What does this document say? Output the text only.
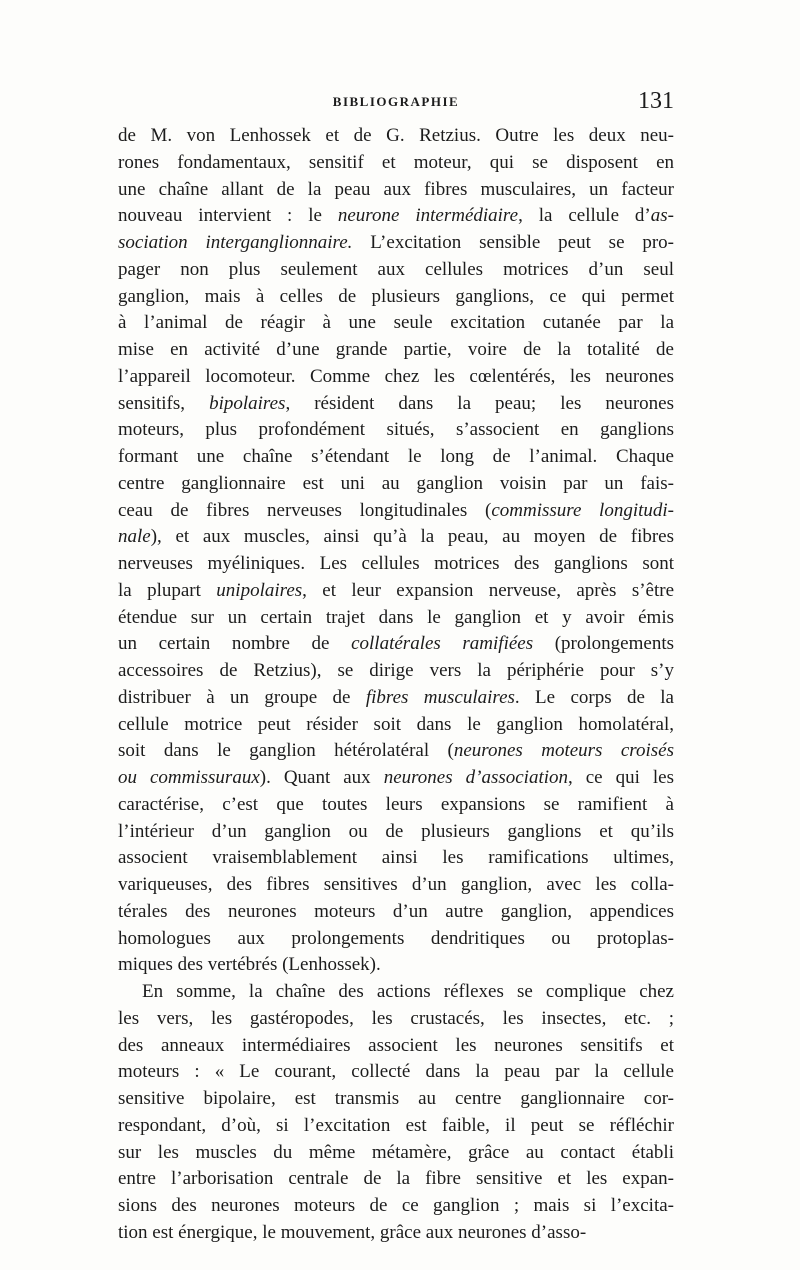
BIBLIOGRAPHIE	131
de M. von Lenhossek et de G. Retzius. Outre les deux neu-
rones fondamentaux, sensitif et moteur, qui se disposent en
une chaîne allant de la peau aux fibres musculaires, un facteur
nouveau intervient : le neurone intermédiaire, la cellule d’as-
sociation interganglionnaire. L’excitation sensible peut se pro-
pager non plus seulement aux cellules motrices d’un seul
ganglion, mais à celles de plusieurs ganglions, ce qui permet
à l’animal de réagir à une seule excitation cutanée par la
mise en activité d’une grande partie, voire de la totalité de
l’appareil locomoteur. Comme chez les cœlentérés, les neurones
sensitifs, bipolaires, résident dans la peau; les neurones
moteurs, plus profondément situés, s’associent en ganglions
formant une chaîne s’étendant le long de l’animal. Chaque
centre ganglionnaire est uni au ganglion voisin par un fais-
ceau de fibres nerveuses longitudinales (commissure longitudi-
nale), et aux muscles, ainsi qu’à la peau, au moyen de fibres
nerveuses myéliniques. Les cellules motrices des ganglions sont
la plupart unipolaires, et leur expansion nerveuse, après s’être
étendue sur un certain trajet dans le ganglion et y avoir émis
un certain nombre de collatérales ramifiées (prolongements
accessoires de Retzius), se dirige vers la périphérie pour s’y
distribuer à un groupe de fibres musculaires. Le corps de la
cellule motrice peut résider soit dans le ganglion homolatéral,
soit dans le ganglion hétérolatéral (neurones moteurs croisés
ou commissuraux). Quant aux neurones d’association, ce qui les
caractérise, c’est que toutes leurs expansions se ramifient à
l’intérieur d’un ganglion ou de plusieurs ganglions et qu’ils
associent vraisemblablement ainsi les ramifications ultimes,
variqueuses, des fibres sensitives d’un ganglion, avec les colla-
térales des neurones moteurs d’un autre ganglion, appendices
homologues aux prolongements dendritiques ou protoplas-
miques des vertébrés (Lenhossek).
En somme, la chaîne des actions réflexes se complique chez
les vers, les gastéropodes, les crustacés, les insectes, etc. ;
des anneaux intermédiaires associent les neurones sensitifs et
moteurs : « Le courant, collecté dans la peau par la cellule
sensitive bipolaire, est transmis au centre ganglionnaire cor-
respondant, d’où, si l’excitation est faible, il peut se réfléchir
sur les muscles du même métamère, grâce au contact établi
entre l’arborisation centrale de la fibre sensitive et les expan-
sions des neurones moteurs de ce ganglion ; mais si l’excita-
tion est énergique, le mouvement, grâce aux neurones d’asso-
